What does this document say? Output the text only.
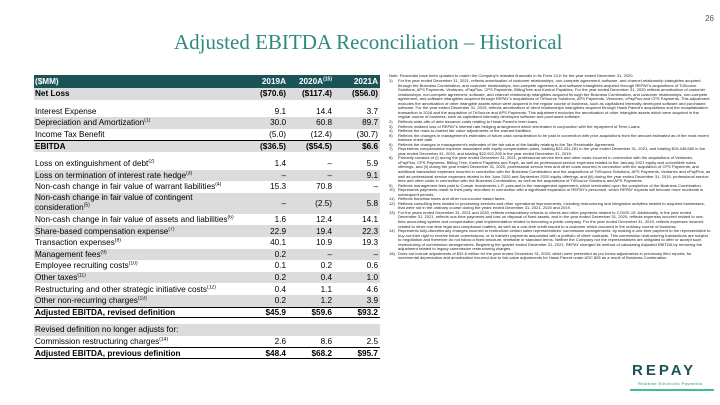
26
Adjusted EBITDA Reconciliation – Historical
($MM)	2019A	$2020A^{(15)}$	2021A
Net Loss	($70.6)	($117.4)	($56.0)
Interest Expense	9.1	14.4	3.7
Depreciation and Amortization$^{(1)}$	30.0	60.8	89.7
Income Tax Benefit	(5.0)	(12.4)	(30.7)
EBITDA	($36.5)	($54.5)	$6.6
Loss on extinguishment of debt$^{(2)}$	1.4	–	5.9
Loss on termination of interest rate hedge$^{(3)}$	–	–	9.1
Non-cash change in fair value of warrant liabilities$^{(4)}$	15.3	70.8	–
Non-cash change in fair value of contingent consideration$^{(5)}$	–	(2.5)	5.8
Non-cash change in fair value of assets and liabilities$^{(6)}$	1.6	12.4	14.1
Share-based compensation expense$^{(7)}$	22.9	19.4	22.3
Transaction expenses$^{(8)}$	40.1	10.9	19.3
Management fees$^{(9)}$	0.2	–	–
Employee recruiting costs$^{(10)}$	0.1	0.2	0.6
Other taxes$^{(11)}$	0.2	0.4	1.0
Restructuring and other strategic initiative costs$^{(12)}$	0.4	1.1	4.6
Other non-recurring charges$^{(13)}$	0.2	1.2	3.9
Adjusted EBITDA, revised definition	$45.9	$59.6	$93.2
Revised definition no longer adjusts for:
Commission restructuring charges$^{(14)}$	2.6	8.6	2.5
Adjusted EBITDA, previous definition	$48.4	$68.2	$95.7
Note: Financials have been updated to match the Company’s restated financials in its Form 10-K for the year ended December 31, 2020.
1)	For the year ended December 31, 2021, reflects amortization of customer relationships, non-compete agreement, software, and channel relationship intangibles acquired through the Business Combination, and customer relationships, non-compete agreement, and software intangibles acquired through REPAY’s acquisitions of TriSource Solutions, APS Payments, Ventanex, cPayPlus, CPS Payments, BillingTree and Kontrol Payables. For the year ended December 31, 2020 reflects amortization of customer relationships, non-compete agreement, software, and channel relationship intangibles acquired through the Business Combination, and customer relationships, non-compete agreement, and software intangibles acquired through REPAY’s acquisitions of TriSource Solutions, APS Payments, Ventanex, cPayPlus and CPS Payments. This adjustment excludes the amortization of other intangible assets which were acquired in the regular course of business, such as capitalized internally developed software and purchased software. For the year ended December 31, 2019, reflects amortization of client relationships intangibles acquired through Hawk Parent’s acquisitions and the recapitalization transaction in 2016 and the acquisition of TriSource and APS Payments. This adjustment excludes the amortization of other intangible assets which were acquired in the regular course of business, such as capitalized internally developed software and purchased software.
2)	Reflects write-offs of debt issuance costs relating to Hawk Parent’s term loans.
3)	Reflects realized loss of REPAY’s interest rate hedging arrangement which terminated in conjunction with the repayment of Term Loans.
4)	Reflects the mark-to-market fair value adjustments of the warrant liabilities.
5)	Reflects the changes in management’s estimates of future cash consideration to be paid in connection with prior acquisitions from the amount estimated as of the most recent balance sheet date.
6)	Reflects the changes in management’s estimates of the fair value of the liability relating to the Tax Receivable Agreement.
7)	Represents compensation expense associated with equity compensation plans, totaling $22,331,251 in the year ended December 31, 2021, and totaling $19,445,680 in the year ended December 31, 2020, and totaling $22,922,205 in the year ended December 31, 2019.
8)	Primarily consists of (i) during the year ended December 31, 2021, professional service fees and other costs incurred in connection with the acquisitions of Ventanex, cPayPlus, CPS Payments, Billing Tree, Kontrol Payables and Payix, as well as professional service expenses related to the January 2021 equity and convertible notes offerings, and (ii) during the year ended December 31, 2020, professional service fees and other costs incurred in connection with the acquisition of CPS Payments, and additional transaction expenses incurred in connection with the Business Combination and the acquisitions of TriSource Solutions, APS Payments, Ventanex and cPayPlus, as well as professional service expenses related to the June 2020 and September 2020 equity offerings, and (iii) during the year ended December 31, 2019, professional service fees and other costs in connection with the Business Combination, as well as the acquisitions of TriSource Solutions and APS Payments.
9)	Reflects management fees paid to Corsair Investments L.P. pursuant to the management agreement, which terminated upon the completion of the Business Combination.
10) Represents payments made to third-party recruiters in connection with a significant expansion of REPAY’s personnel, which REPAY expects will become more moderate in subsequent periods.
11) Reflects franchise taxes and other non-income based taxes.
12) Reflects consulting fees related to processing services and other operational improvements, including restructuring and integration activities related to acquired businesses, that were not in the ordinary course during the years ended December 31, 2021, 2020 and 2019.
13) For the years ended December 31, 2021 and 2020, reflects extraordinary refunds to clients and other payments related to COVID-19. Additionally, in the year ended December 31, 2021, reflects one-time payments and loss on disposal of fixed assets, and in the year ended December 31, 2020, reflects expenses incurred related to one-time accounting system and compensation plan implementation related to becoming a public company. For the year ended December 31, 2019, reflects expenses incurred related to other one-time legal and compliance matters, as well as a one-time credit issued to a customer which occurred in the ordinary course of business.
14) Represents fully-discretionary changes incurred to restructure certain sales representatives’ commission arrangements, by making a one-time payment to the representative to buy out their right to receive future commissions, or to transfer payments associated with a portfolio of client contracts. This commission restructuring transactions are subject to negotiation and therefore do not follow a fixed structure, timetable or standard terms. Neither the Company nor the representatives are obligated to offer or accept such restructuring of commission arrangements. Beginning the quarter ended December 31, 2021, REPAY changed its method of calculating Adjusted EBITDA by removing the adjustment related to legacy commission restructuring charges.
15) Does not include adjustments of $32.6 million for the year ended December 31, 2020, which were presented as pro forma adjustments in previously filed reports, for incremental depreciation and amortization incurred due to fair-value adjustments for Hawk Parent under ASC 805 as a result of Business Combination.
REPAY
Realtime Electronic Payments
